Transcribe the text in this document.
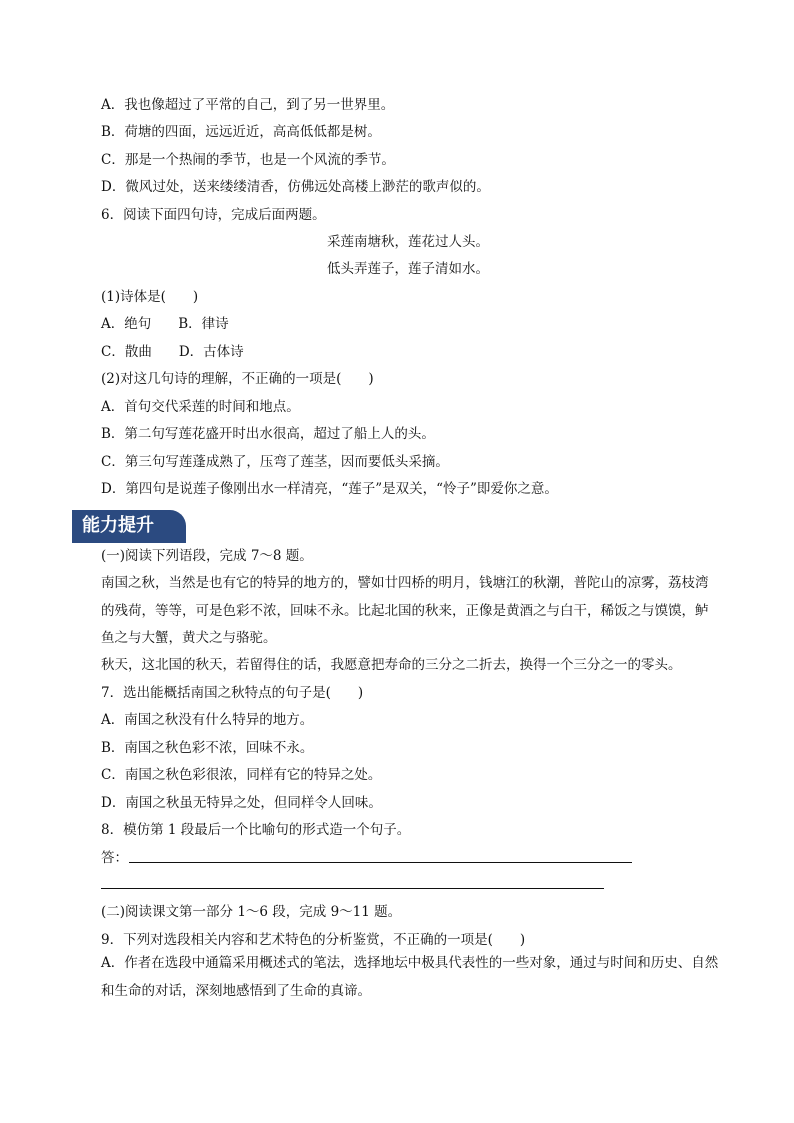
A．我也像超过了平常的自己，到了另一世界里。
B．荷塘的四面，远远近近，高高低低都是树。
C．那是一个热闹的季节，也是一个风流的季节。
D．微风过处，送来缕缕清香，仿佛远处高楼上渺茫的歌声似的。
6．阅读下面四句诗，完成后面两题。
采莲南塘秋，莲花过人头。
低头弄莲子，莲子清如水。
(1)诗体是(　　)
A．绝句　　B．律诗
C．散曲　　D．古体诗
(2)对这几句诗的理解，不正确的一项是(　　)
A．首句交代采莲的时间和地点。
B．第二句写莲花盛开时出水很高，超过了船上人的头。
C．第三句写莲蓬成熟了，压弯了莲茎，因而要低头采摘。
D．第四句是说莲子像刚出水一样清亮，“莲子”是双关，“怜子”即爱你之意。
能力提升
(一)阅读下列语段，完成 7～8 题。
南国之秋，当然是也有它的特异的地方的，譬如廿四桥的明月，钱塘江的秋潮，普陀山的凉雾，荔枝湾的残荷，等等，可是色彩不浓，回味不永。比起北国的秋来，正像是黄酒之与白干，稀饭之与馍馍，鲈鱼之与大蟹，黄犬之与骆驼。
秋天，这北国的秋天，若留得住的话，我愿意把寿命的三分之二折去，换得一个三分之一的零头。
7．选出能概括南国之秋特点的句子是(　　)
A．南国之秋没有什么特异的地方。
B．南国之秋色彩不浓，回味不永。
C．南国之秋色彩很浓，同样有它的特异之处。
D．南国之秋虽无特异之处，但同样令人回味。
8．模仿第 1 段最后一个比喻句的形式造一个句子。
答：
(二)阅读课文第一部分 1～6 段，完成 9～11 题。
9．下列对选段相关内容和艺术特色的分析鉴赏，不正确的一项是(　　)
A．作者在选段中通篇采用概述式的笔法，选择地坛中极具代表性的一些对象，通过与时间和历史、自然和生命的对话，深刻地感悟到了生命的真谛。
